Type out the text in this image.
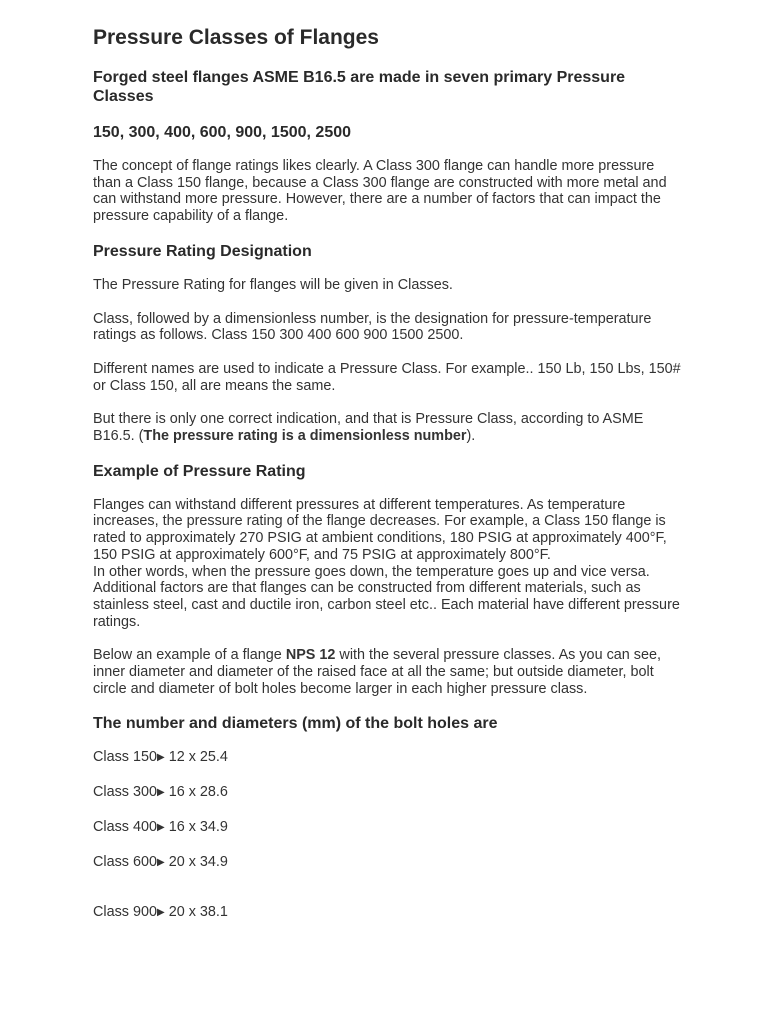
Pressure Classes of Flanges
Forged steel flanges ASME B16.5 are made in seven primary Pressure Classes
150, 300, 400, 600, 900, 1500, 2500

The concept of flange ratings likes clearly. A Class 300 flange can handle more pressure than a Class 150 flange, because a Class 300 flange are constructed with more metal and can withstand more pressure. However, there are a number of factors that can impact the pressure capability of a flange.

Pressure Rating Designation

The Pressure Rating for flanges will be given in Classes.

Class, followed by a dimensionless number, is the designation for pressure-temperature ratings as follows. Class 150 300 400 600 900 1500 2500.

Different names are used to indicate a Pressure Class. For example.. 150 Lb, 150 Lbs, 150# or Class 150, all are means the same.

But there is only one correct indication, and that is Pressure Class, according to ASME B16.5. (The pressure rating is a dimensionless number).

Example of Pressure Rating

Flanges can withstand different pressures at different temperatures. As temperature increases, the pressure rating of the flange decreases. For example, a Class 150 flange is rated to approximately 270 PSIG at ambient conditions, 180 PSIG at approximately 400°F, 150 PSIG at approximately 600°F, and 75 PSIG at approximately 800°F.

In other words, when the pressure goes down, the temperature goes up and vice versa. Additional factors are that flanges can be constructed from different materials, such as stainless steel, cast and ductile iron, carbon steel etc.. Each material have different pressure ratings.

Below an example of a flange NPS 12 with the several pressure classes. As you can see, inner diameter and diameter of the raised face at all the same; but outside diameter, bolt circle and diameter of bolt holes become larger in each higher pressure class.

The number and diameters (mm) of the bolt holes are

Class 150▶ 12 x 25.4

Class 300▶ 16 x 28.6

Class 400▶ 16 x 34.9

Class 600▶ 20 x 34.9

Class 900▶ 20 x 38.1
